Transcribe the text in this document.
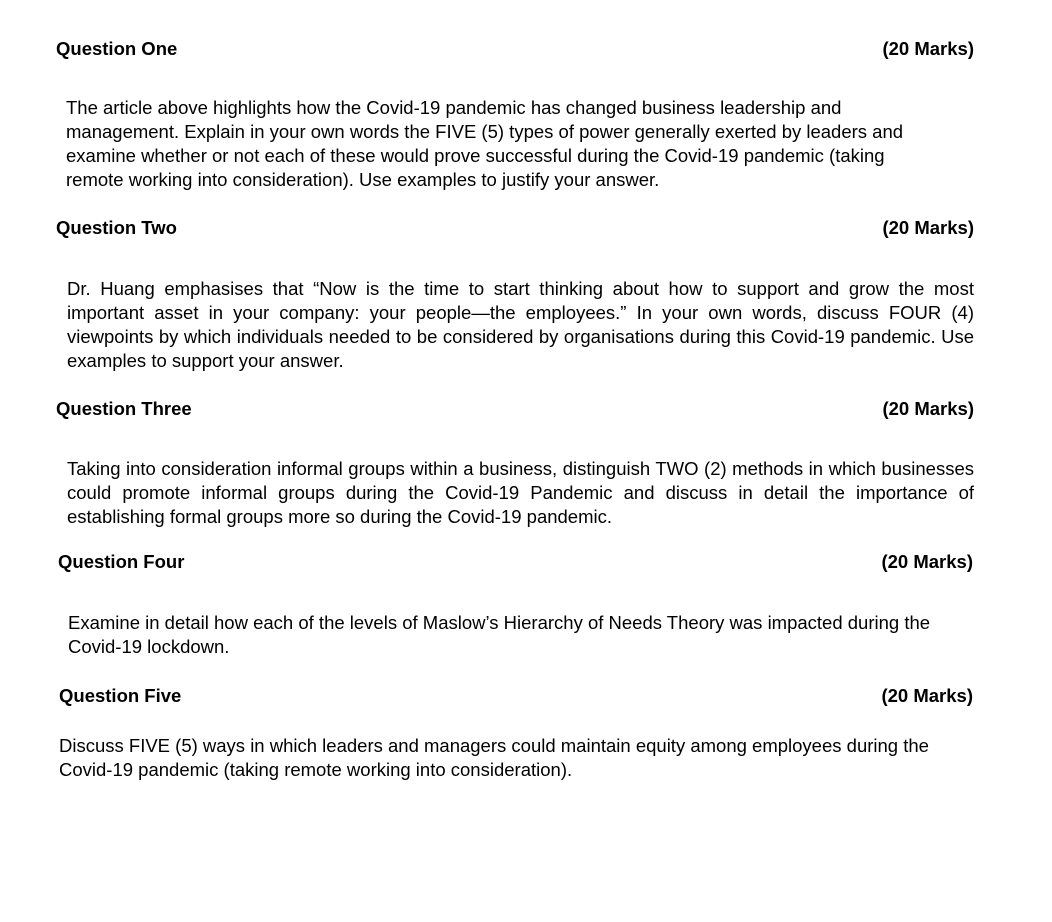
Question One	(20 Marks)
The article above highlights how the Covid-19 pandemic has changed business leadership and management. Explain in your own words the FIVE (5) types of power generally exerted by leaders and examine whether or not each of these would prove successful during the Covid-19 pandemic (taking remote working into consideration). Use examples to justify your answer.
Question Two	(20 Marks)
Dr. Huang emphasises that “Now is the time to start thinking about how to support and grow the most important asset in your company: your people—the employees.” In your own words, discuss FOUR (4) viewpoints by which individuals needed to be considered by organisations during this Covid-19 pandemic. Use examples to support your answer.
Question Three	(20 Marks)
Taking into consideration informal groups within a business, distinguish TWO (2) methods in which businesses could promote informal groups during the Covid-19 Pandemic and discuss in detail the importance of establishing formal groups more so during the Covid-19 pandemic.
Question Four	(20 Marks)
Examine in detail how each of the levels of Maslow’s Hierarchy of Needs Theory was impacted during the Covid-19 lockdown.
Question Five	(20 Marks)
Discuss FIVE (5) ways in which leaders and managers could maintain equity among employees during the Covid-19 pandemic (taking remote working into consideration).
